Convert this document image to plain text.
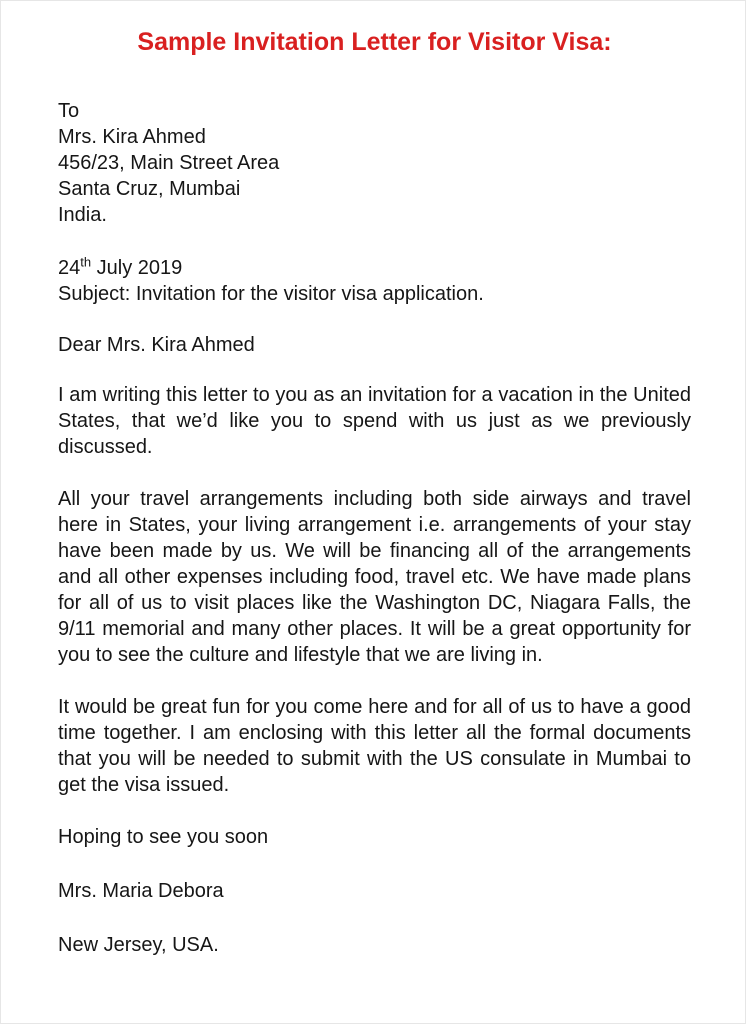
Sample Invitation Letter for Visitor Visa:
To
Mrs. Kira Ahmed
456/23, Main Street Area
Santa Cruz, Mumbai
India.
24th July 2019
Subject: Invitation for the visitor visa application.
Dear Mrs. Kira Ahmed

I am writing this letter to you as an invitation for a vacation in the United States, that we’d like you to spend with us just as we previously discussed.

All your travel arrangements including both side airways and travel here in States, your living arrangement i.e. arrangements of your stay have been made by us. We will be financing all of the arrangements and all other expenses including food, travel etc. We have made plans for all of us to visit places like the Washington DC, Niagara Falls, the 9/11 memorial and many other places. It will be a great opportunity for you to see the culture and lifestyle that we are living in.

It would be great fun for you come here and for all of us to have a good time together. I am enclosing with this letter all the formal documents that you will be needed to submit with the US consulate in Mumbai to get the visa issued.

Hoping to see you soon
Mrs. Maria Debora
New Jersey, USA.
